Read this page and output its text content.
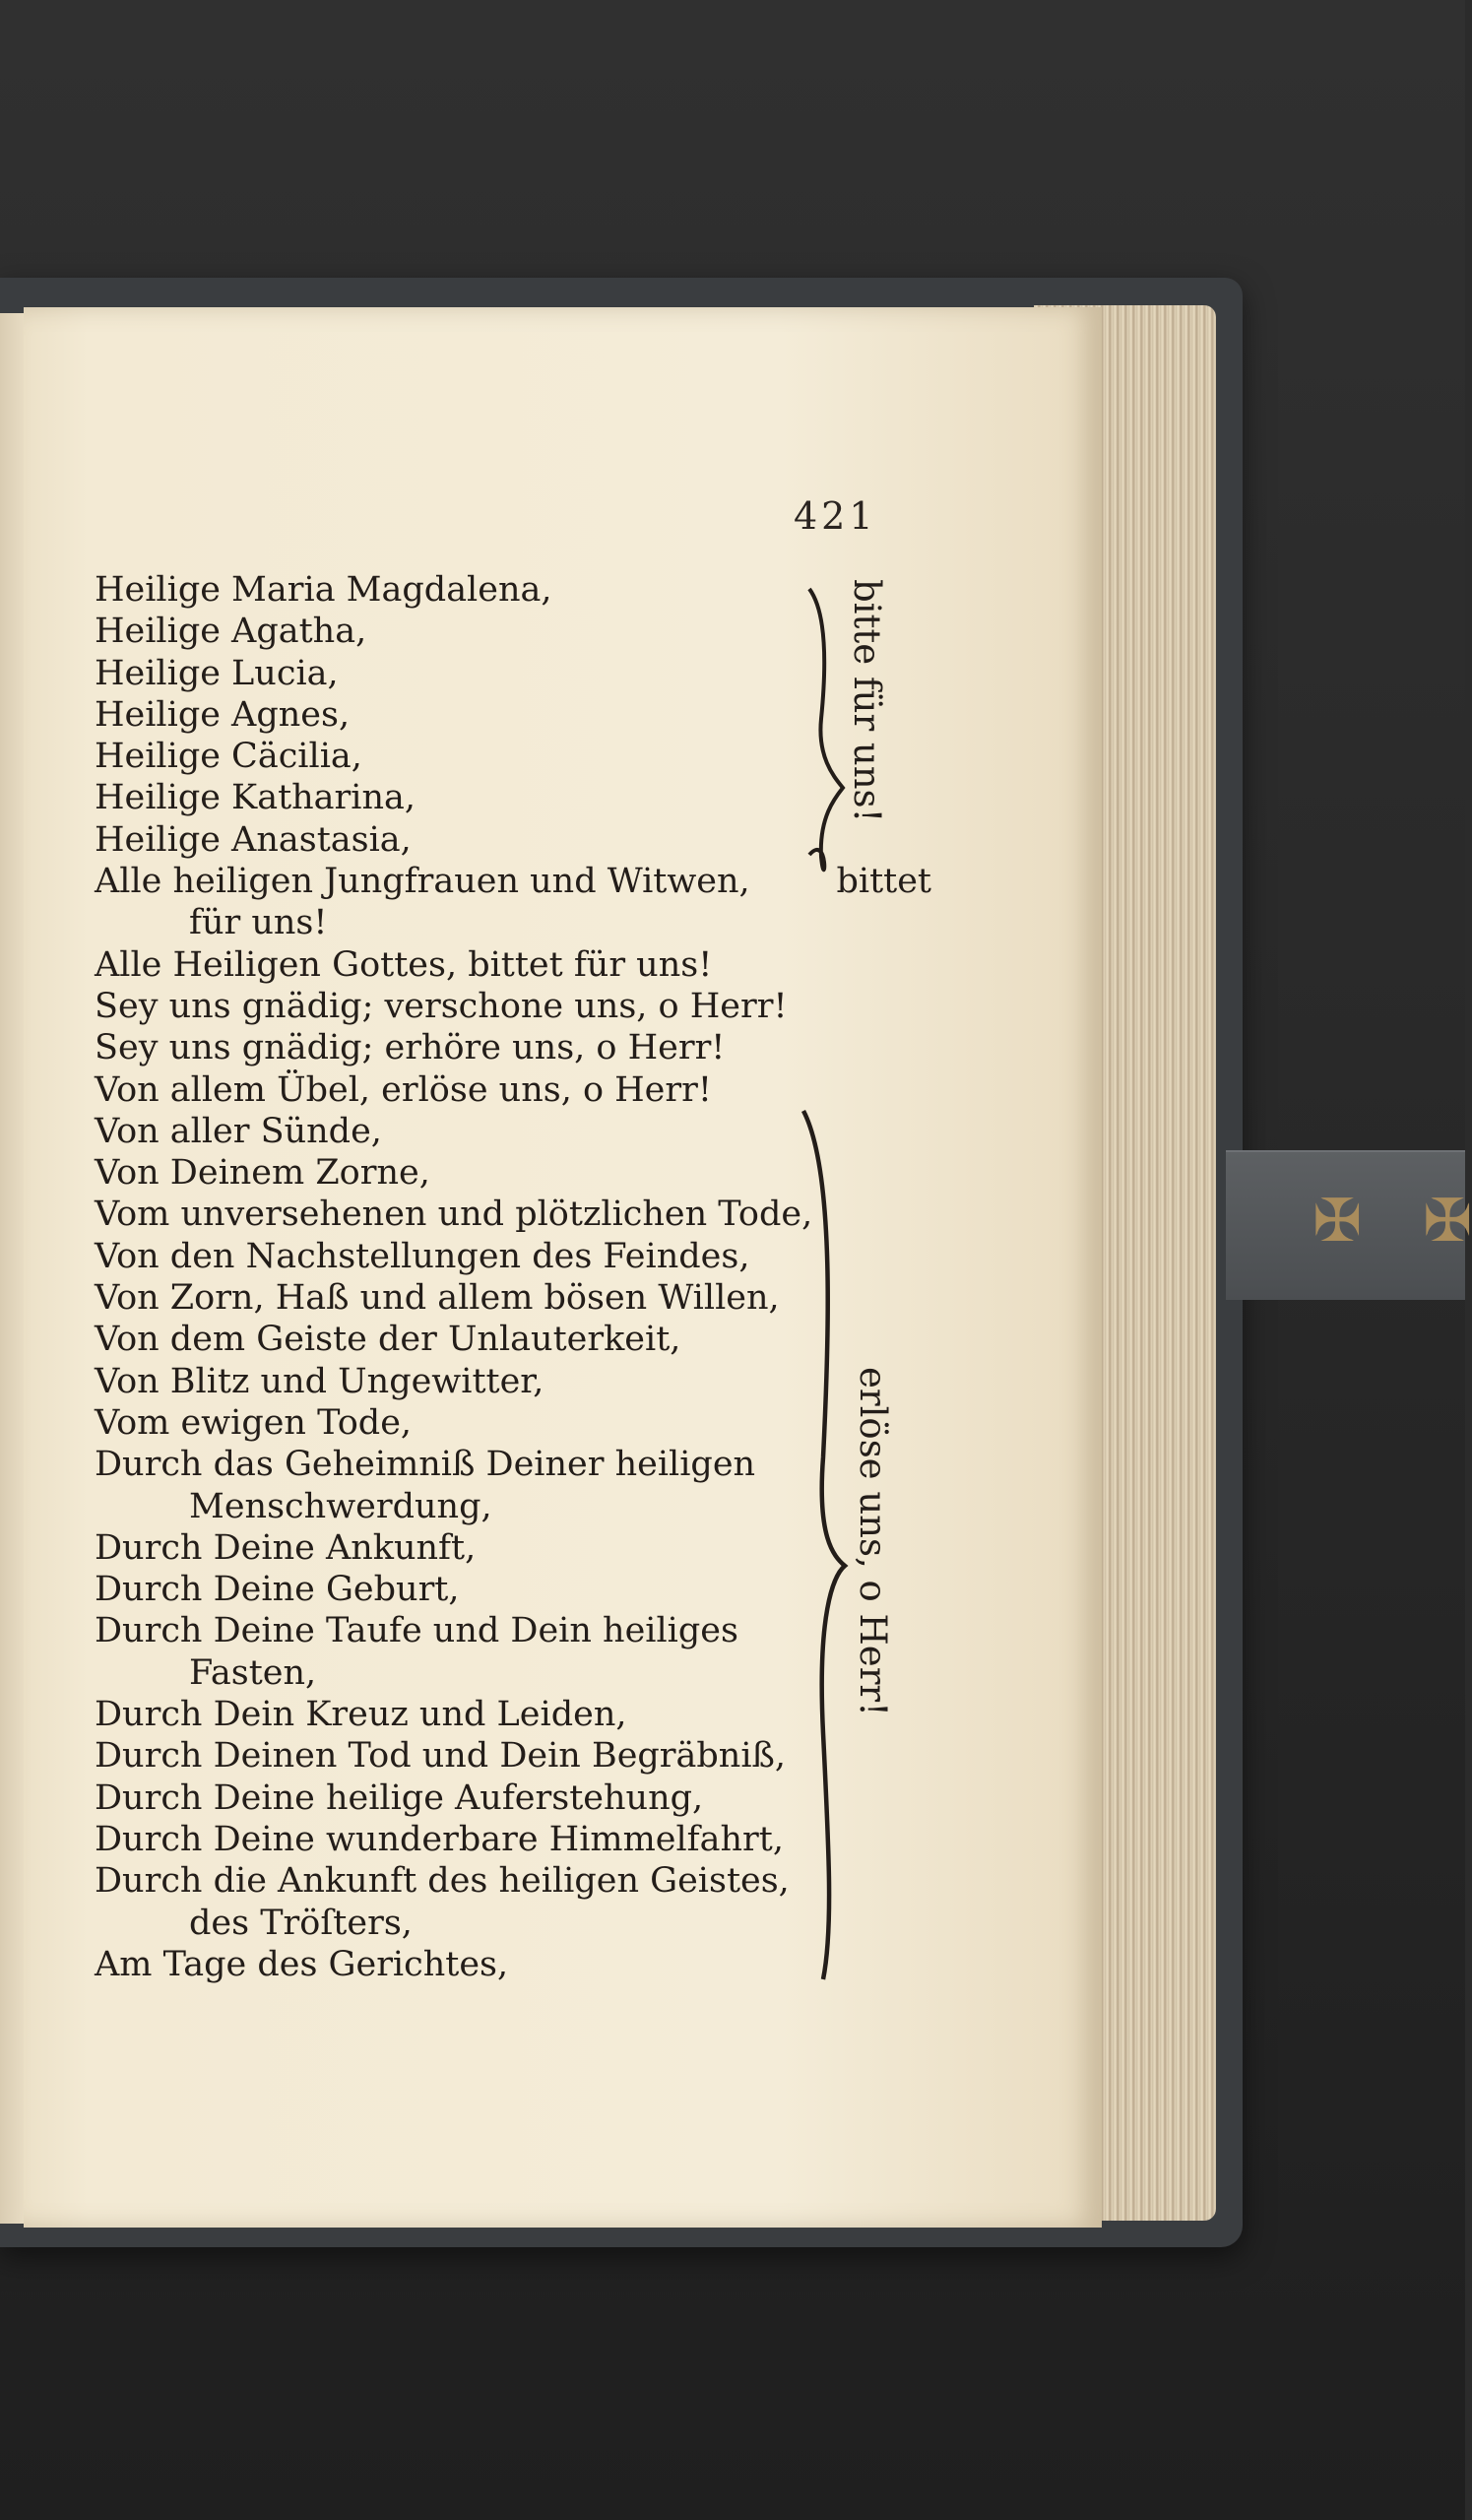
✠ ✠
421
Heilige Maria Magdalena,
Heilige Agatha,
Heilige Lucia,
Heilige Agnes,
Heilige Cäcilia,
Heilige Katharina,
Heilige Anastasia,
Alle heiligen Jungfrauen und Witwen,	bittet
für uns!
Alle Heiligen Gottes, bittet für uns!
Sey uns gnädig; verschone uns, o Herr!
Sey uns gnädig; erhöre uns, o Herr!
Von allem Übel, erlöse uns, o Herr!
Von aller Sünde,
Von Deinem Zorne,
Vom unversehenen und plötzlichen Tode,
Von den Nachstellungen des Feindes,
Von Zorn, Haß und allem bösen Willen,
Von dem Geiste der Unlauterkeit,
Von Blitz und Ungewitter,
Vom ewigen Tode,
Durch das Geheimniß Deiner heiligen
Menschwerdung,
Durch Deine Ankunft,
Durch Deine Geburt,
Durch Deine Taufe und Dein heiliges
Fasten,
Durch Dein Kreuz und Leiden,
Durch Deinen Tod und Dein Begräbniß,
Durch Deine heilige Auferstehung,
Durch Deine wunderbare Himmelfahrt,
Durch die Ankunft des heiligen Geistes,
des Tröſters,
Am Tage des Gerichtes,
bitte für uns!
erlöse uns, o Herr!
